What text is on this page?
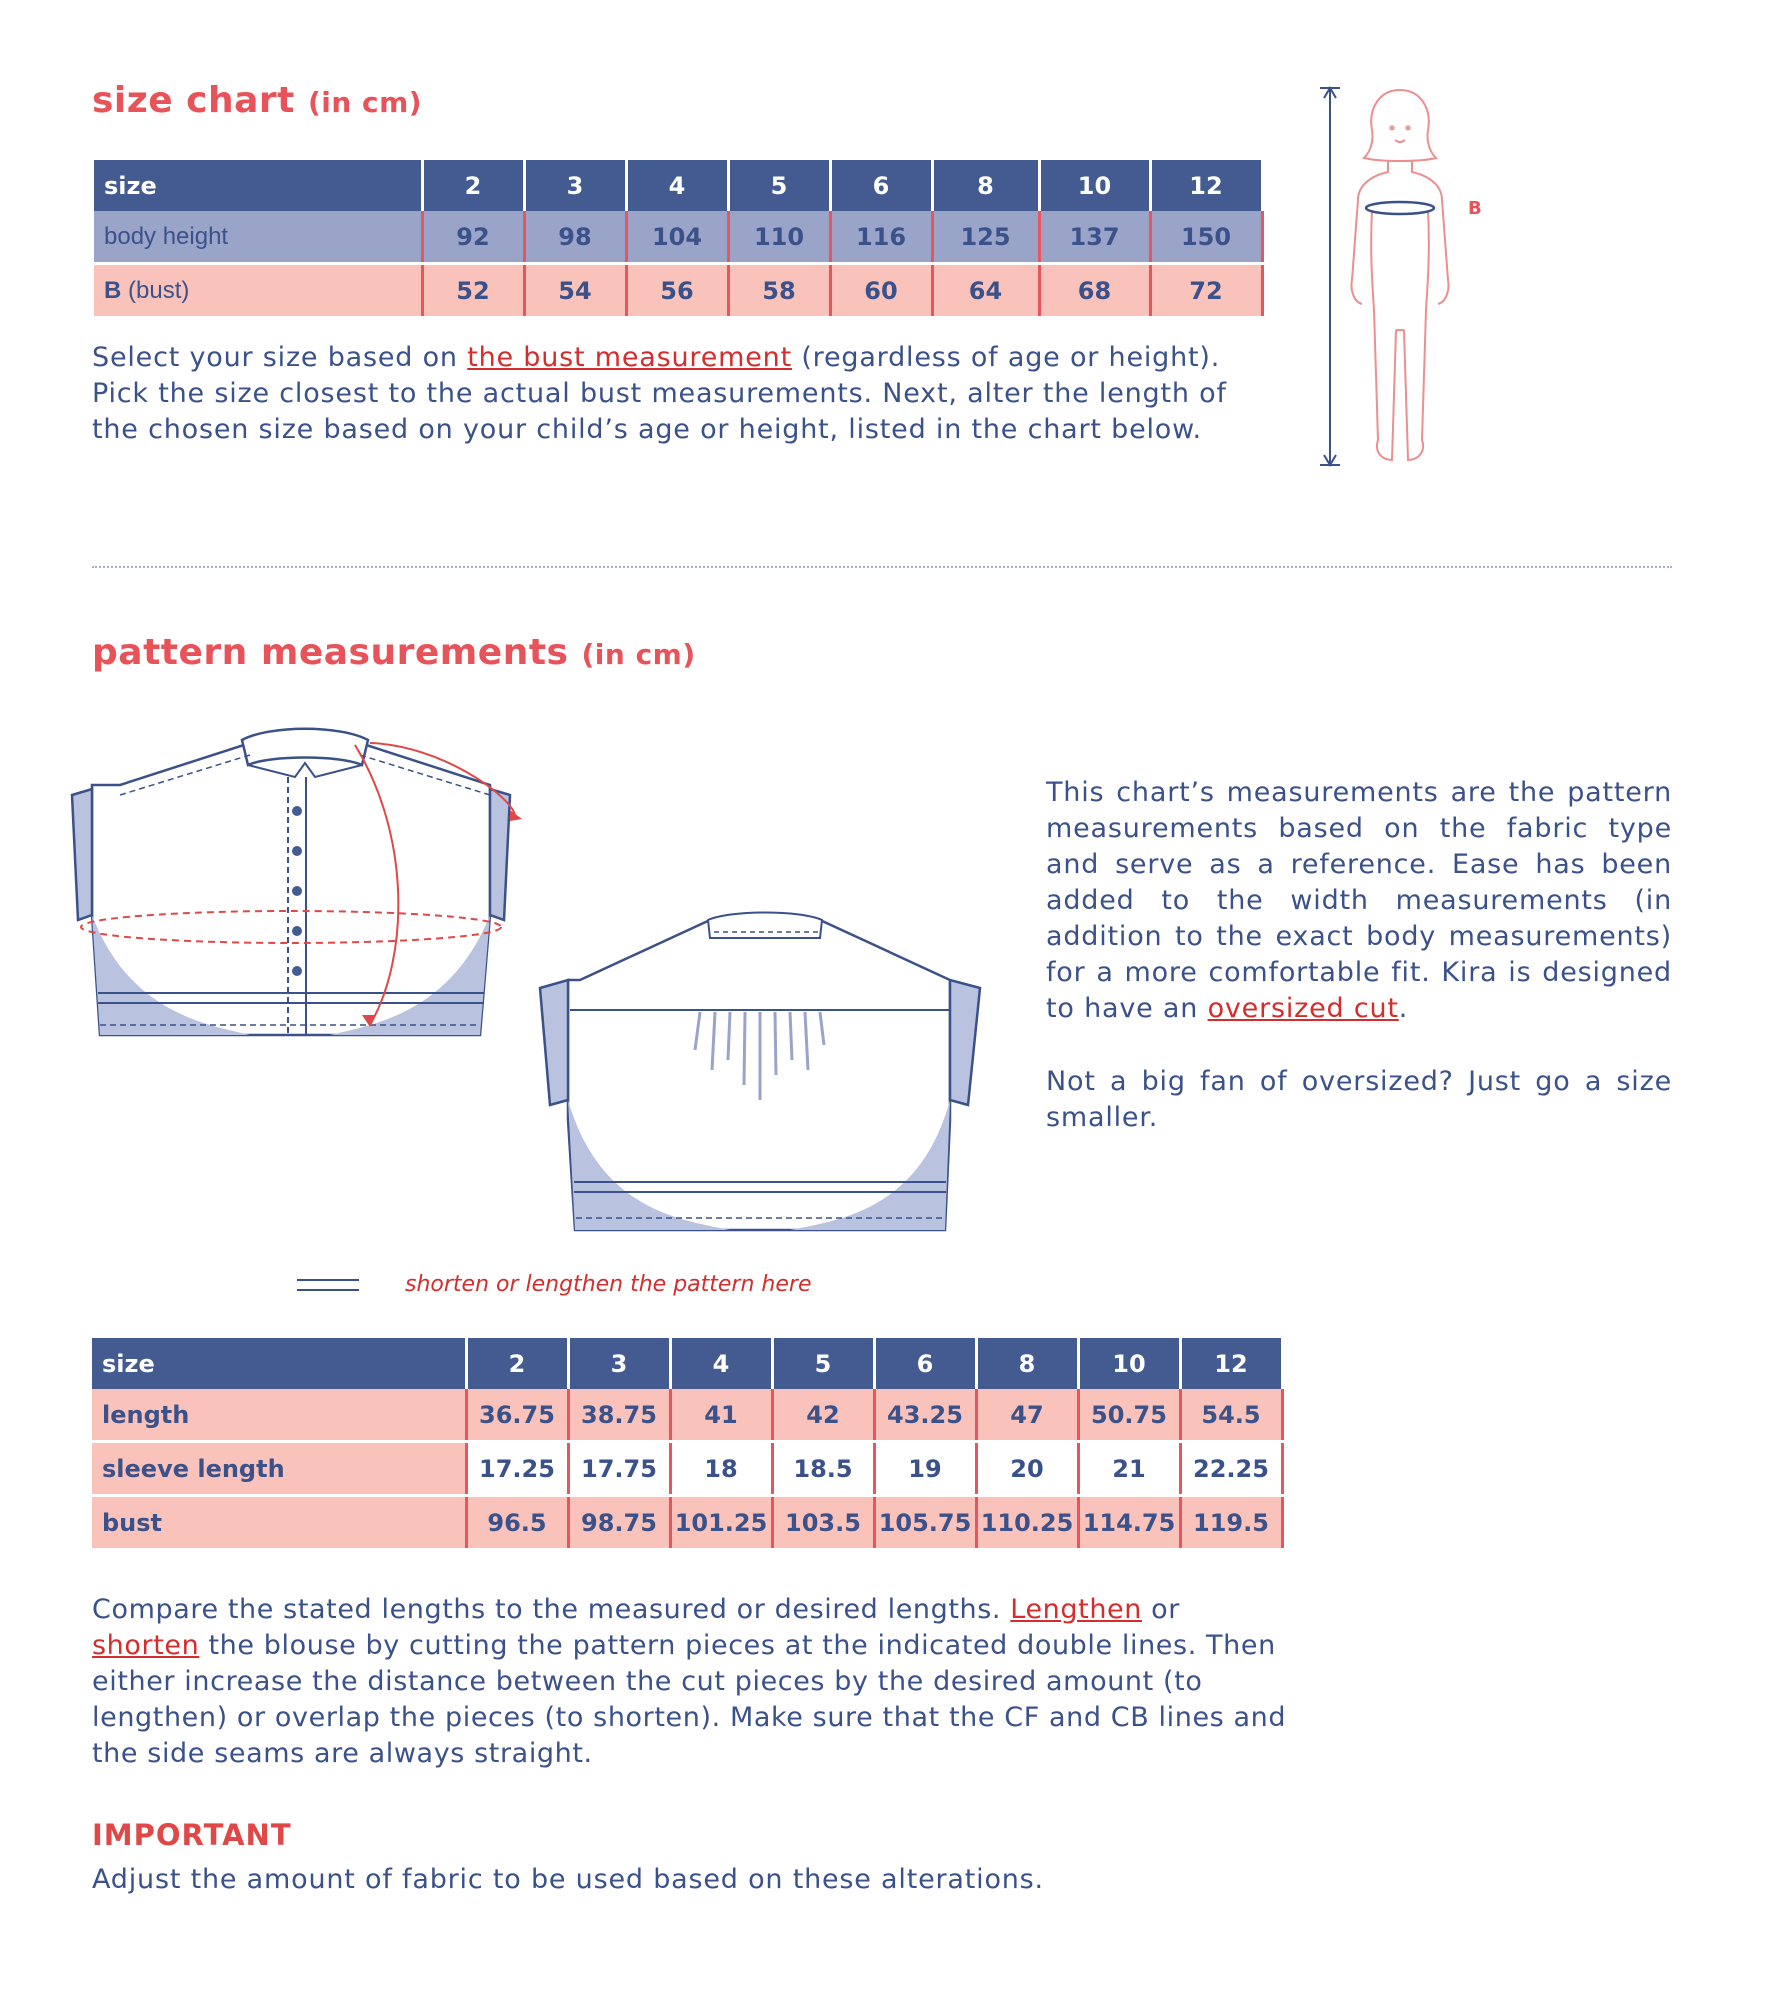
size chart (in cm)
size	2	3	4	5	6	8	10	12
body height	92	98	104	110	116	125	137	150
B (bust)	52	54	56	58	60	64	68	72

Select your size based on the bust measurement (regardless of age or height). Pick the size closest to the actual bust measurements. Next, alter the length of the chosen size based on your child’s age or height, listed in the chart below.

B
pattern measurements (in cm)

This chart’s measurements are the pattern measurements based on the fabric type and serve as a reference. Ease has been added to the width measurements (in addition to the exact body measurements) for a more comfortable fit. Kira is designed to have an oversized cut.

Not a big fan of oversized? Just go a size smaller.

shorten or lengthen the pattern here
size	2	3	4	5	6	8	10	12
length	36.75	38.75	41	42	43.25	47	50.75	54.5
sleeve length	17.25	17.75	18	18.5	19	20	21	22.25
bust	96.5	98.75	101.25	103.5	105.75	110.25	114.75	119.5

Compare the stated lengths to the measured or desired lengths. Lengthen or shorten the blouse by cutting the pattern pieces at the indicated double lines. Then either increase the distance between the cut pieces by the desired amount (to lengthen) or overlap the pieces (to shorten). Make sure that the CF and CB lines and the side seams are always straight.

IMPORTANT

Adjust the amount of fabric to be used based on these alterations.
